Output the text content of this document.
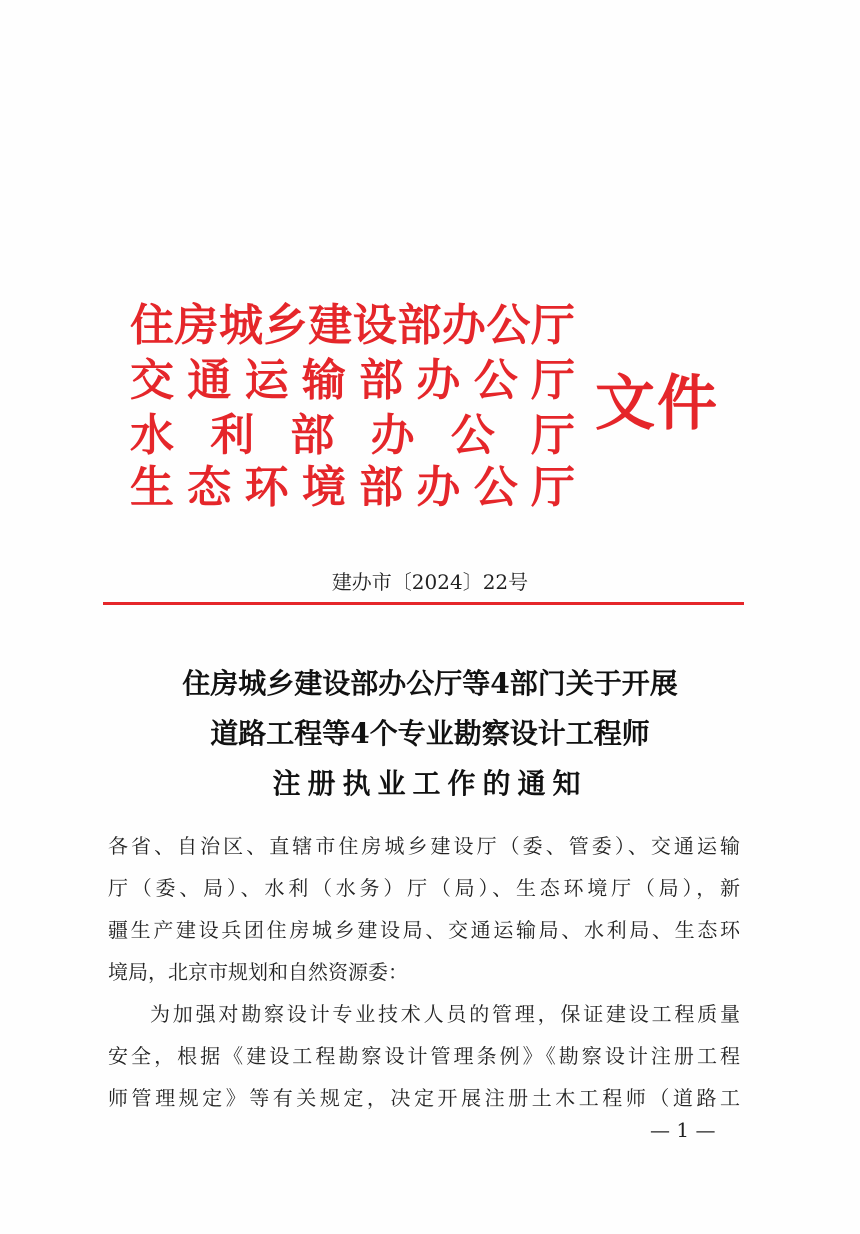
住 房 城 乡 建 设 部 办 公 厅
交 通 运 输 部 办 公 厅
水 利 部 办 公 厅
生 态 环 境 部 办 公 厅
文件
建办市〔2024〕22号
住房城乡建设部办公厅等4部门关于开展
道路工程等4个专业勘察设计工程师
注册执业工作的通知
各省、自治区、直辖市住房城乡建设厅（委、管委）、交通运输
厅（委、局）、水利（水务）厅（局）、生态环境厅（局），新
疆生产建设兵团住房城乡建设局、交通运输局、水利局、生态环
境局，北京市规划和自然资源委：
为加强对勘察设计专业技术人员的管理，保证建设工程质量
安全，根据《建设工程勘察设计管理条例》《勘察设计注册工程
师管理规定》等有关规定，决定开展注册土木工程师（道路工
— 1 —
